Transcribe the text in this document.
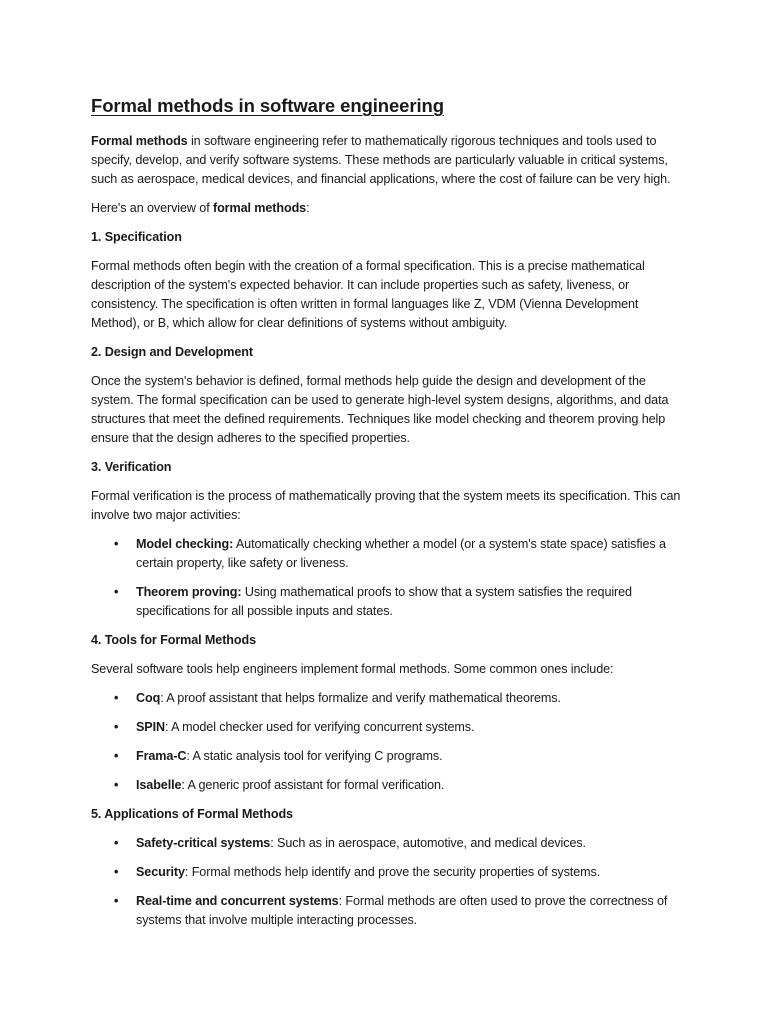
Formal methods in software engineering

Formal methods in software engineering refer to mathematically rigorous techniques and tools used to specify, develop, and verify software systems. These methods are particularly valuable in critical systems, such as aerospace, medical devices, and financial applications, where the cost of failure can be very high.

Here's an overview of formal methods:

1. Specification

Formal methods often begin with the creation of a formal specification. This is a precise mathematical description of the system's expected behavior. It can include properties such as safety, liveness, or consistency. The specification is often written in formal languages like Z, VDM (Vienna Development Method), or B, which allow for clear definitions of systems without ambiguity.

2. Design and Development

Once the system's behavior is defined, formal methods help guide the design and development of the system. The formal specification can be used to generate high-level system designs, algorithms, and data structures that meet the defined requirements. Techniques like model checking and theorem proving help ensure that the design adheres to the specified properties.

3. Verification

Formal verification is the process of mathematically proving that the system meets its specification. This can involve two major activities:

• Model checking: Automatically checking whether a model (or a system's state space) satisfies a certain property, like safety or liveness.
• Theorem proving: Using mathematical proofs to show that a system satisfies the required specifications for all possible inputs and states.
4. Tools for Formal Methods

Several software tools help engineers implement formal methods. Some common ones include:

• Coq: A proof assistant that helps formalize and verify mathematical theorems.
• SPIN: A model checker used for verifying concurrent systems.
• Frama-C: A static analysis tool for verifying C programs.
• Isabelle: A generic proof assistant for formal verification.
5. Applications of Formal Methods
• Safety-critical systems: Such as in aerospace, automotive, and medical devices.
• Security: Formal methods help identify and prove the security properties of systems.
• Real-time and concurrent systems: Formal methods are often used to prove the correctness of systems that involve multiple interacting processes.
